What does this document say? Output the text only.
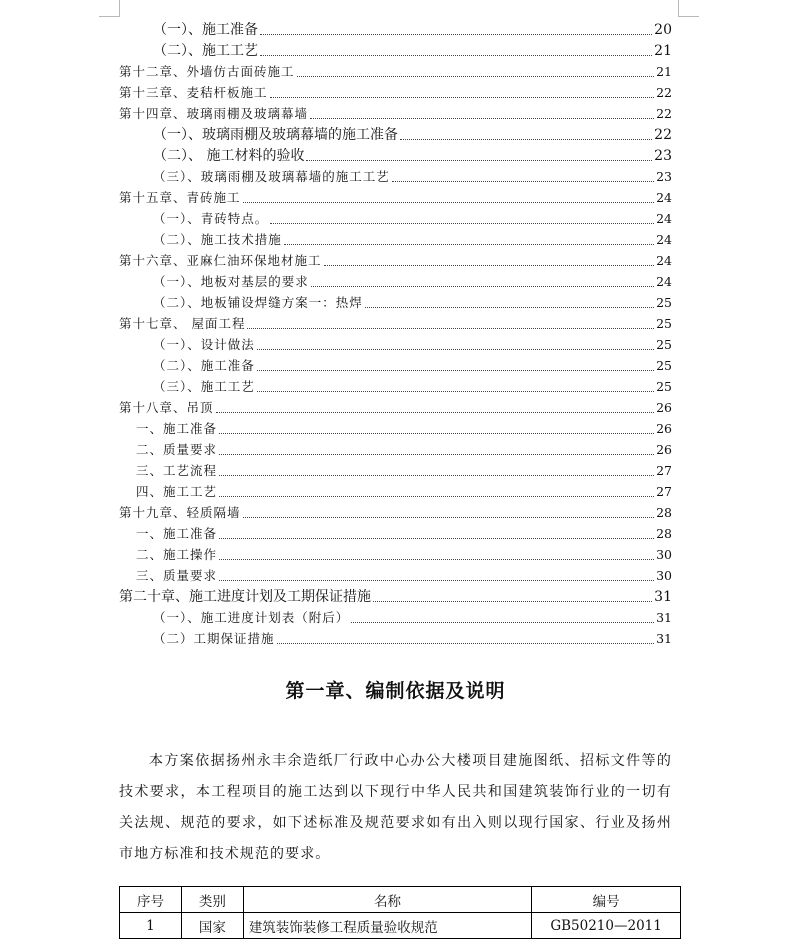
（一）、施工准备	20
（二）、施工工艺	21
第十二章、外墙仿古面砖施工	21
第十三章、麦秸杆板施工	22
第十四章、玻璃雨棚及玻璃幕墙	22
（一）、玻璃雨棚及玻璃幕墙的施工准备	22
（二）、 施工材料的验收	23
（三）、玻璃雨棚及玻璃幕墙的施工工艺	23
第十五章、青砖施工	24
（一）、青砖特点。	24
（二）、施工技术措施	24
第十六章、亚麻仁油环保地材施工	24
（一）、地板对基层的要求	24
（二）、地板铺设焊缝方案一：热焊	25
第十七章、 屋面工程	25
（一）、设计做法	25
（二）、施工准备	25
（三）、施工工艺	25
第十八章、吊顶	26
一、施工准备	26
二、质量要求	26
三、工艺流程	27
四、施工工艺	27
第十九章、轻质隔墙	28
一、施工准备	28
二、施工操作	30
三、质量要求	30
第二十章、施工进度计划及工期保证措施	31
（一）、施工进度计划表（附后）	31
（二）工期保证措施	31
第一章、编制依据及说明

本方案依据扬州永丰余造纸厂行政中心办公大楼项目建施图纸、招标文件等的技术要求，本工程项目的施工达到以下现行中华人民共和国建筑装饰行业的一切有关法规、规范的要求，如下述标准及规范要求如有出入则以现行国家、行业及扬州市地方标准和技术规范的要求。

序号	类别	名称	编号
1	国家	建筑装饰装修工程质量验收规范	GB50210—2011
